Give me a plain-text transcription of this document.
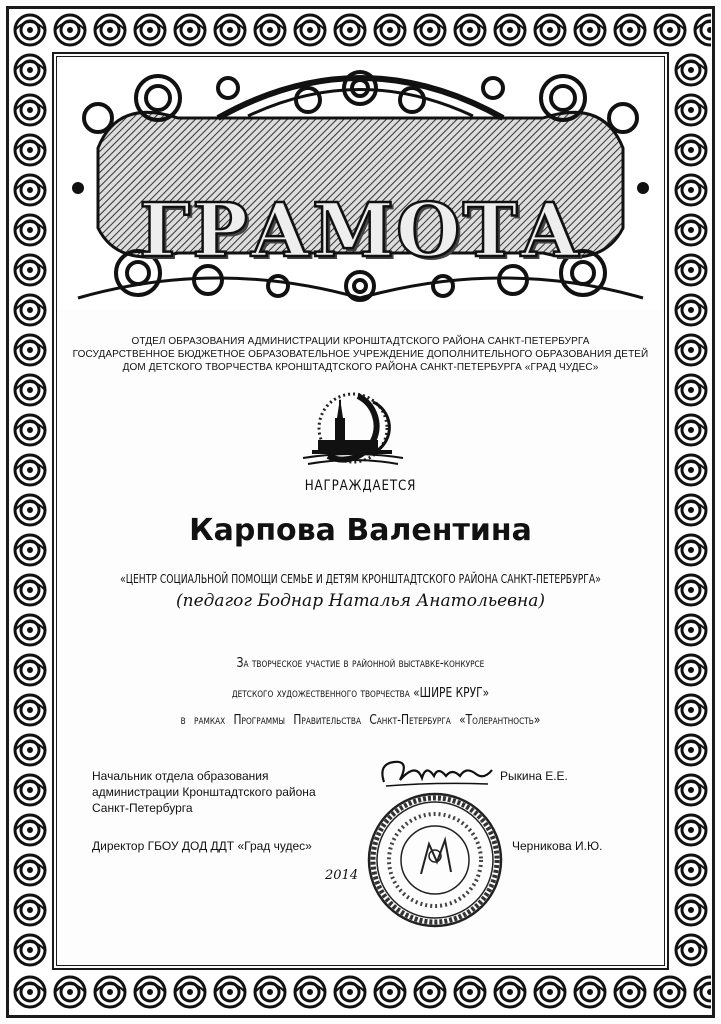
ГРАМОТА
ОТДЕЛ ОБРАЗОВАНИЯ АДМИНИСТРАЦИИ КРОНШТАДТСКОГО РАЙОНА САНКТ-ПЕТЕРБУРГА
ГОСУДАРСТВЕННОЕ БЮДЖЕТНОЕ ОБРАЗОВАТЕЛЬНОЕ УЧРЕЖДЕНИЕ ДОПОЛНИТЕЛЬНОГО ОБРАЗОВАНИЯ ДЕТЕЙ
ДОМ ДЕТСКОГО ТВОРЧЕСТВА КРОНШТАДТСКОГО РАЙОНА САНКТ-ПЕТЕРБУРГА «ГРАД ЧУДЕС»
НАГРАЖДАЕТСЯ
Карпова Валентина
«ЦЕНТР СОЦИАЛЬНОЙ ПОМОЩИ СЕМЬЕ И ДЕТЯМ КРОНШТАДТСКОГО РАЙОНА САНКТ-ПЕТЕРБУРГА»
(педагог Боднар Наталья Анатольевна)
За творческое участие в районной выставке-конкурсе
детского художественного творчества «ШИРЕ КРУГ»
в рамках Программы Правительства Санкт-Петербурга «Толерантность»
Начальник отдела образования
администрации Кронштадтского района
Санкт-Петербурга
Рыкина Е.Е.
Директор ГБОУ ДОД ДДТ «Град чудес»	Черникова И.Ю.
2014
